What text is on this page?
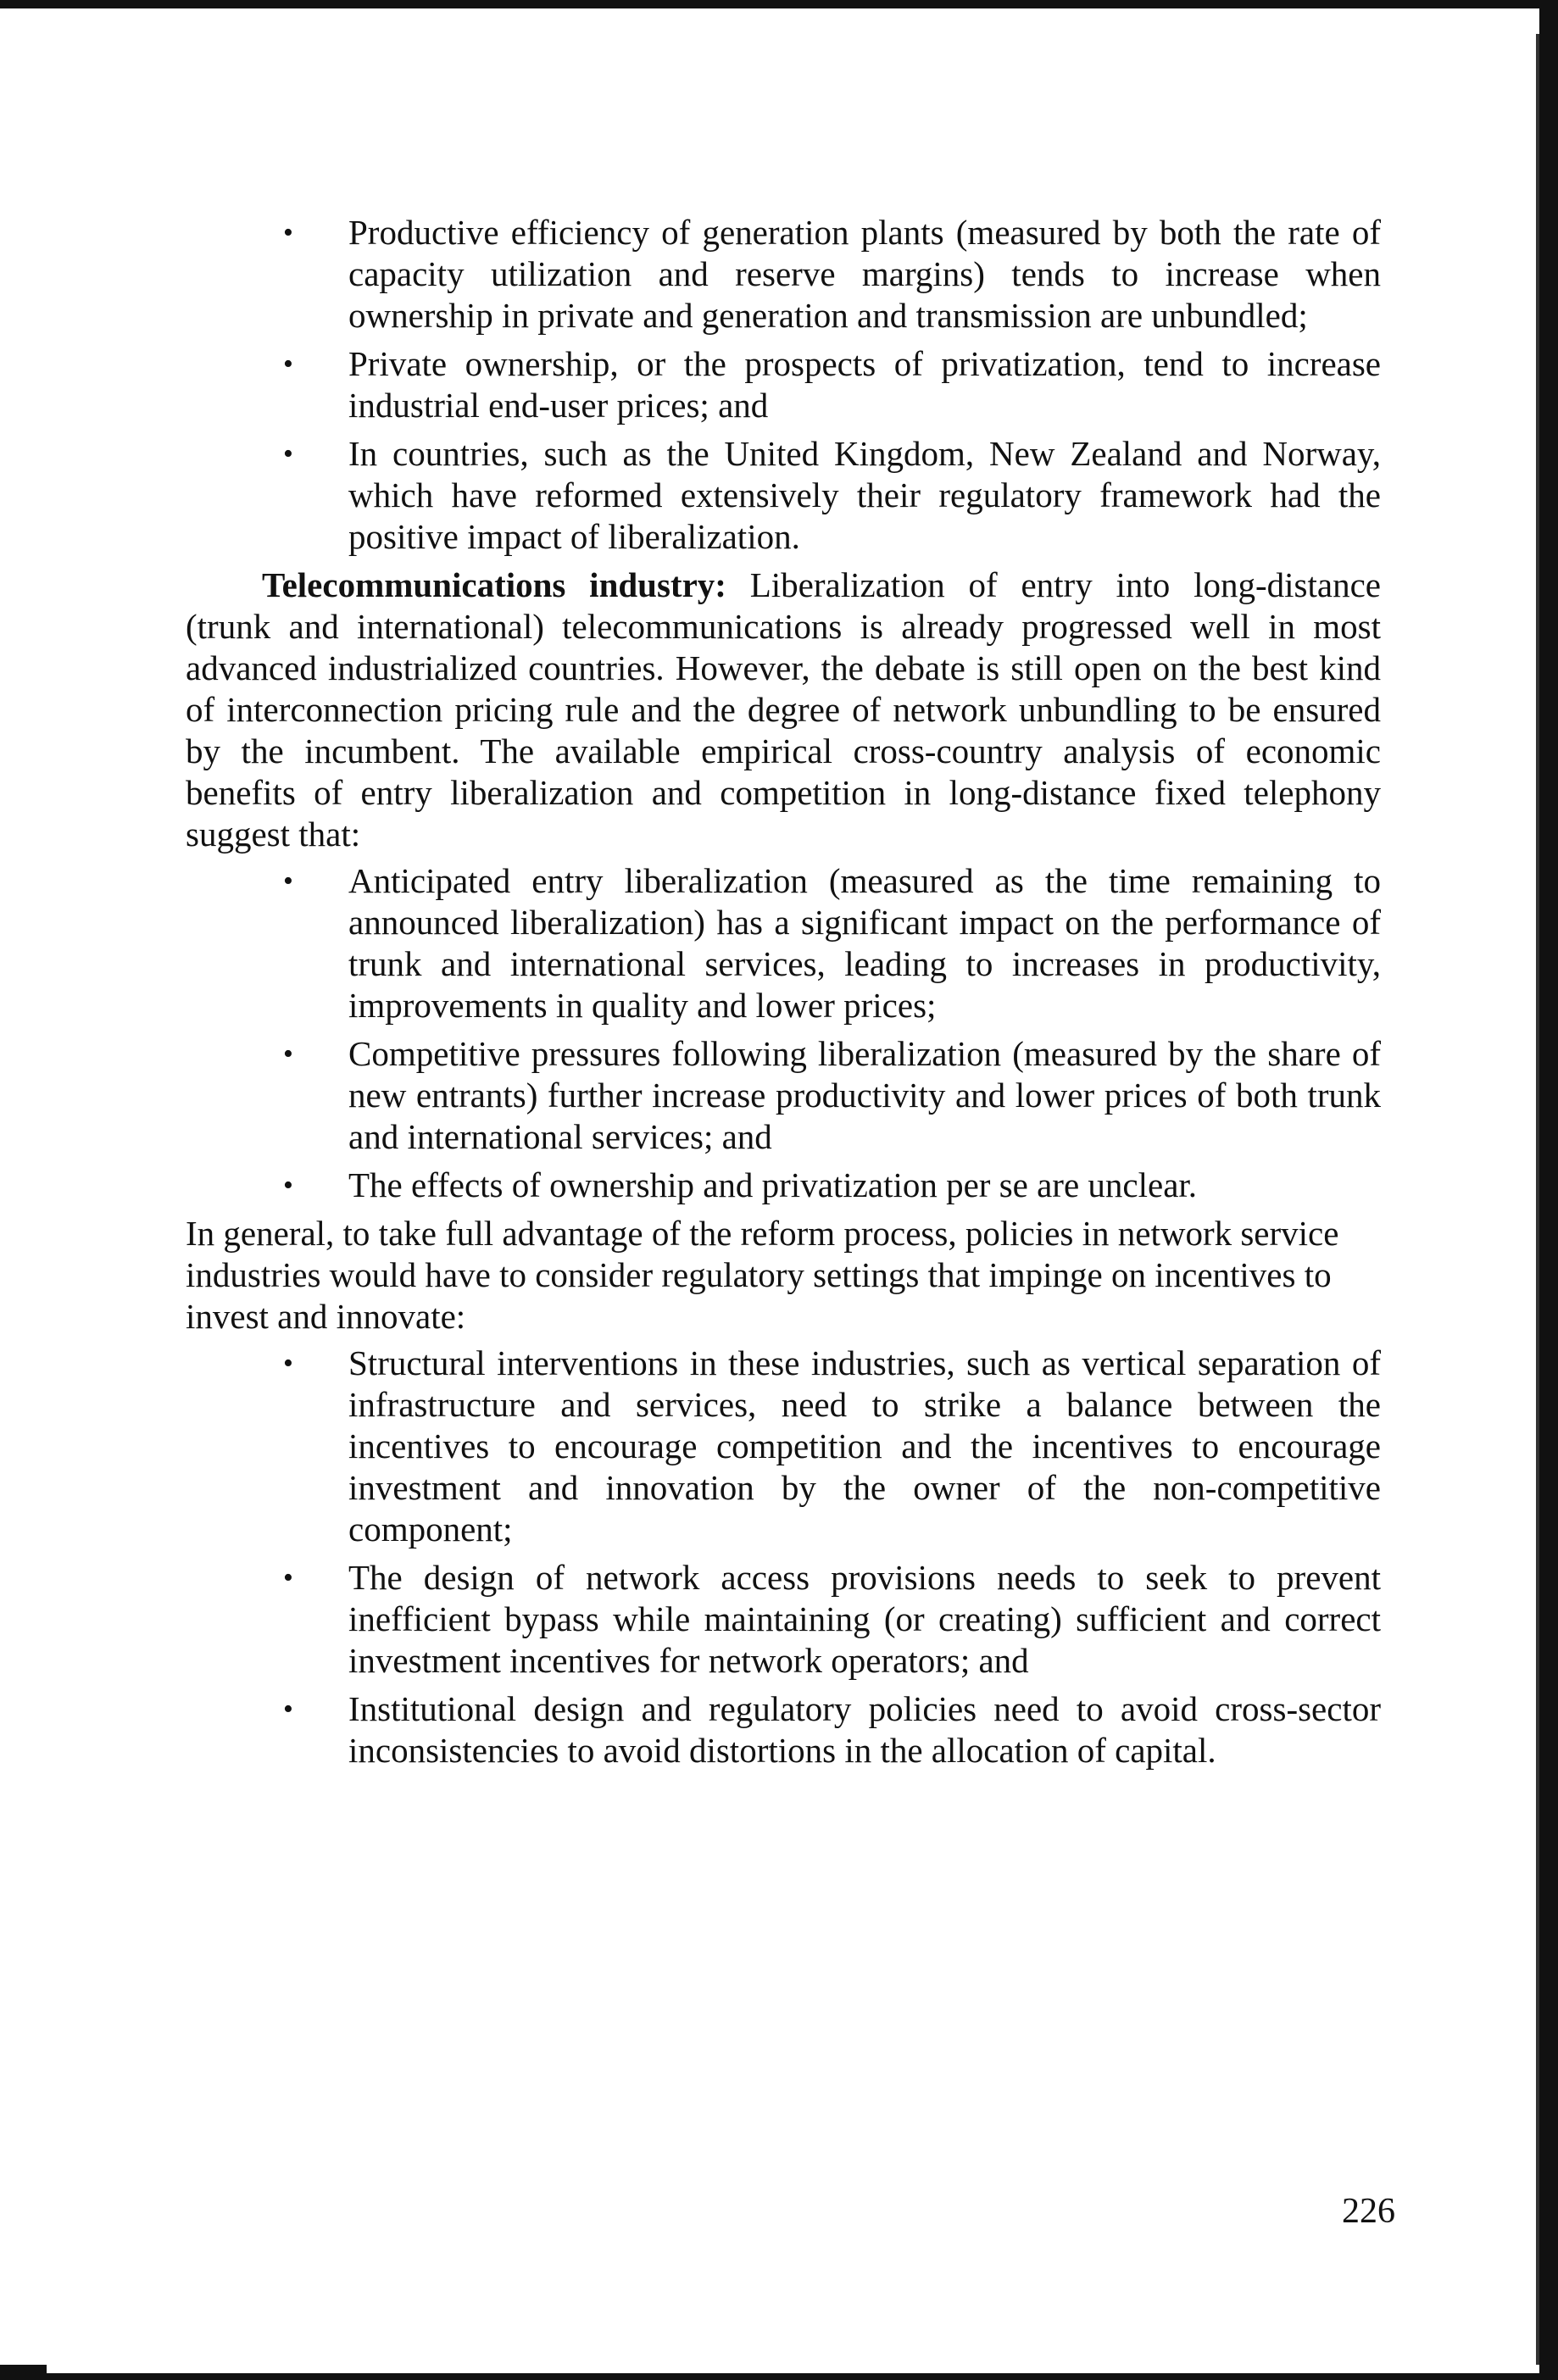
•	Productive efficiency of generation plants (measured by both the rate of capacity utilization and reserve margins) tends to increase when ownership in private and generation and transmission are unbundled;
•	Private ownership, or the prospects of privatization, tend to increase industrial end-user prices; and
•	In countries, such as the United Kingdom, New Zealand and Norway, which have reformed extensively their regulatory framework had the positive impact of liberalization.

Telecommunications industry: Liberalization of entry into long-distance (trunk and international) telecommunications is already progressed well in most advanced industrialized countries. However, the debate is still open on the best kind of interconnection pricing rule and the degree of network unbundling to be ensured by the incumbent. The available empirical cross-country analysis of economic benefits of entry liberalization and competition in long-distance fixed telephony suggest that:

•	Anticipated entry liberalization (measured as the time remaining to announced liberalization) has a significant impact on the performance of trunk and international services, leading to increases in productivity, improvements in quality and lower prices;
•	Competitive pressures following liberalization (measured by the share of new entrants) further increase productivity and lower prices of both trunk and international services; and
•	The effects of ownership and privatization per se are unclear.

In general, to take full advantage of the reform process, policies in network service industries would have to consider regulatory settings that impinge on incentives to invest and innovate:

•	Structural interventions in these industries, such as vertical separation of infrastructure and services, need to strike a balance between the incentives to encourage competition and the incentives to encourage investment and innovation by the owner of the non-competitive component;
•	The design of network access provisions needs to seek to prevent inefficient bypass while maintaining (or creating) sufficient and correct investment incentives for network operators; and
•	Institutional design and regulatory policies need to avoid cross-sector inconsistencies to avoid distortions in the allocation of capital.
226
